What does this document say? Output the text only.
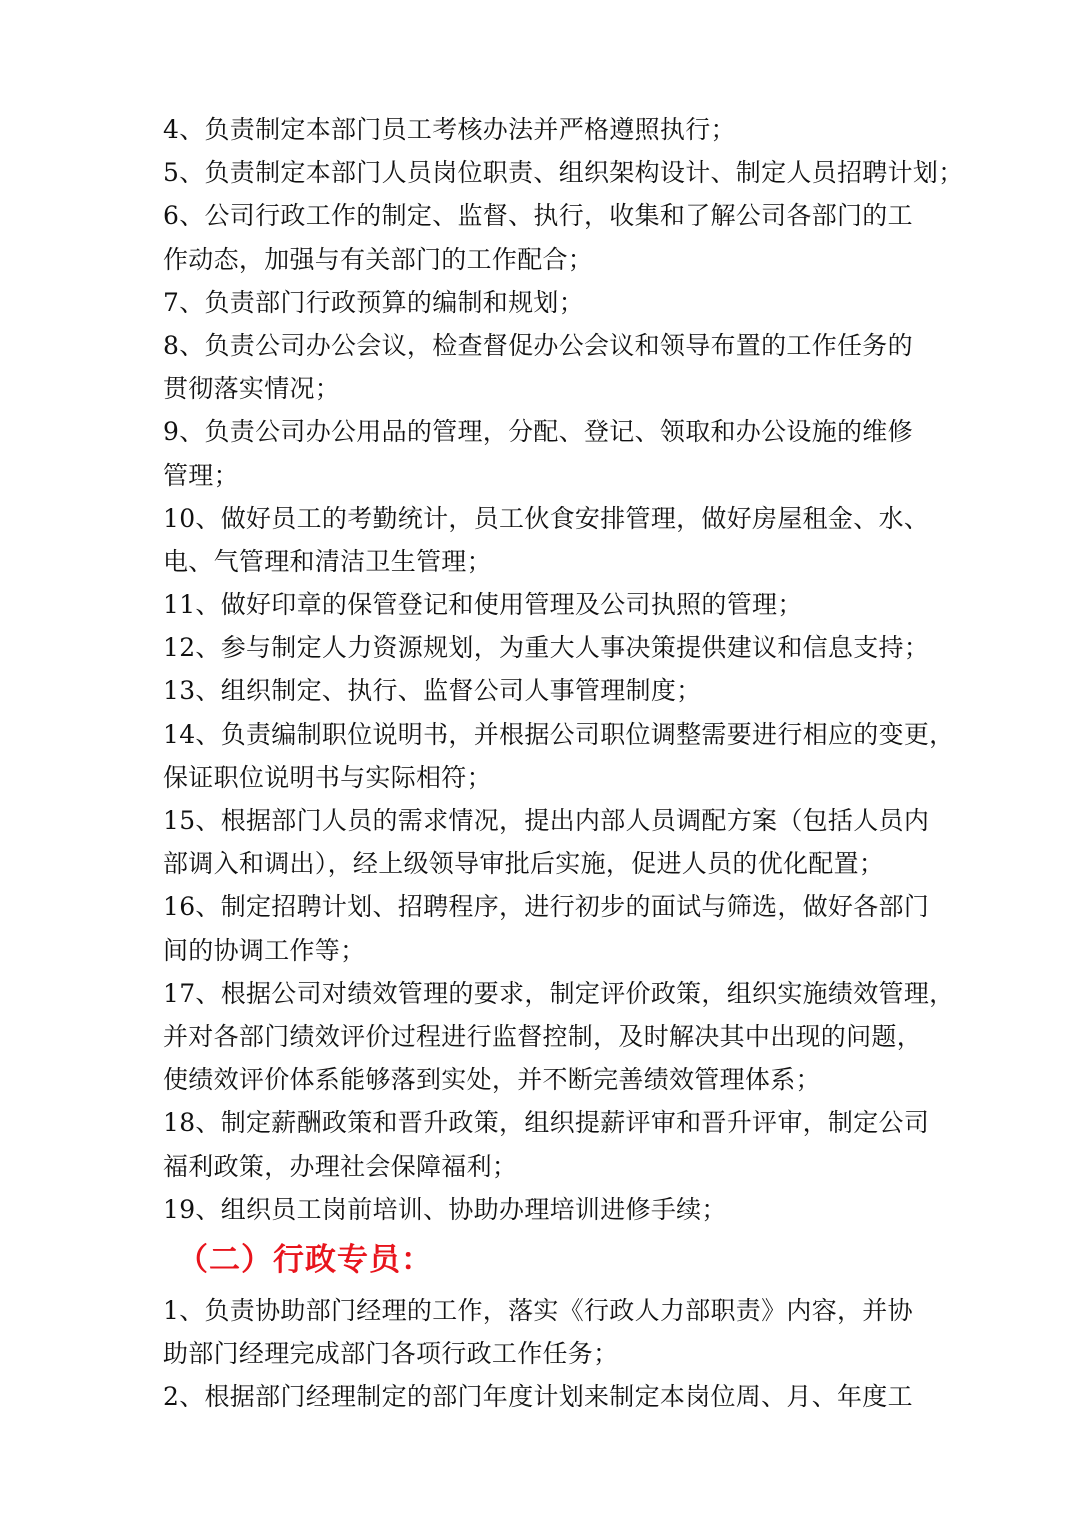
4、负责制定本部门员工考核办法并严格遵照执行；
5、负责制定本部门人员岗位职责、组织架构设计、制定人员招聘计划；
6、公司行政工作的制定、监督、执行，收集和了解公司各部门的工
作动态，加强与有关部门的工作配合；
7、负责部门行政预算的编制和规划；
8、负责公司办公会议，检查督促办公会议和领导布置的工作任务的
贯彻落实情况；
9、负责公司办公用品的管理，分配、登记、领取和办公设施的维修
管理；
10、做好员工的考勤统计，员工伙食安排管理，做好房屋租金、水、
电、气管理和清洁卫生管理；
11、做好印章的保管登记和使用管理及公司执照的管理；
12、参与制定人力资源规划，为重大人事决策提供建议和信息支持；
13、组织制定、执行、监督公司人事管理制度；
14、负责编制职位说明书，并根据公司职位调整需要进行相应的变更，
保证职位说明书与实际相符；
15、根据部门人员的需求情况，提出内部人员调配方案（包括人员内
部调入和调出），经上级领导审批后实施，促进人员的优化配置；
16、制定招聘计划、招聘程序，进行初步的面试与筛选，做好各部门
间的协调工作等；
17、根据公司对绩效管理的要求，制定评价政策，组织实施绩效管理，
并对各部门绩效评价过程进行监督控制，及时解决其中出现的问题，
使绩效评价体系能够落到实处，并不断完善绩效管理体系；
18、制定薪酬政策和晋升政策，组织提薪评审和晋升评审，制定公司
福利政策，办理社会保障福利；
19、组织员工岗前培训、协助办理培训进修手续；
（二）行政专员：
1、负责协助部门经理的工作，落实《行政人力部职责》内容，并协
助部门经理完成部门各项行政工作任务；
2、根据部门经理制定的部门年度计划来制定本岗位周、月、年度工
